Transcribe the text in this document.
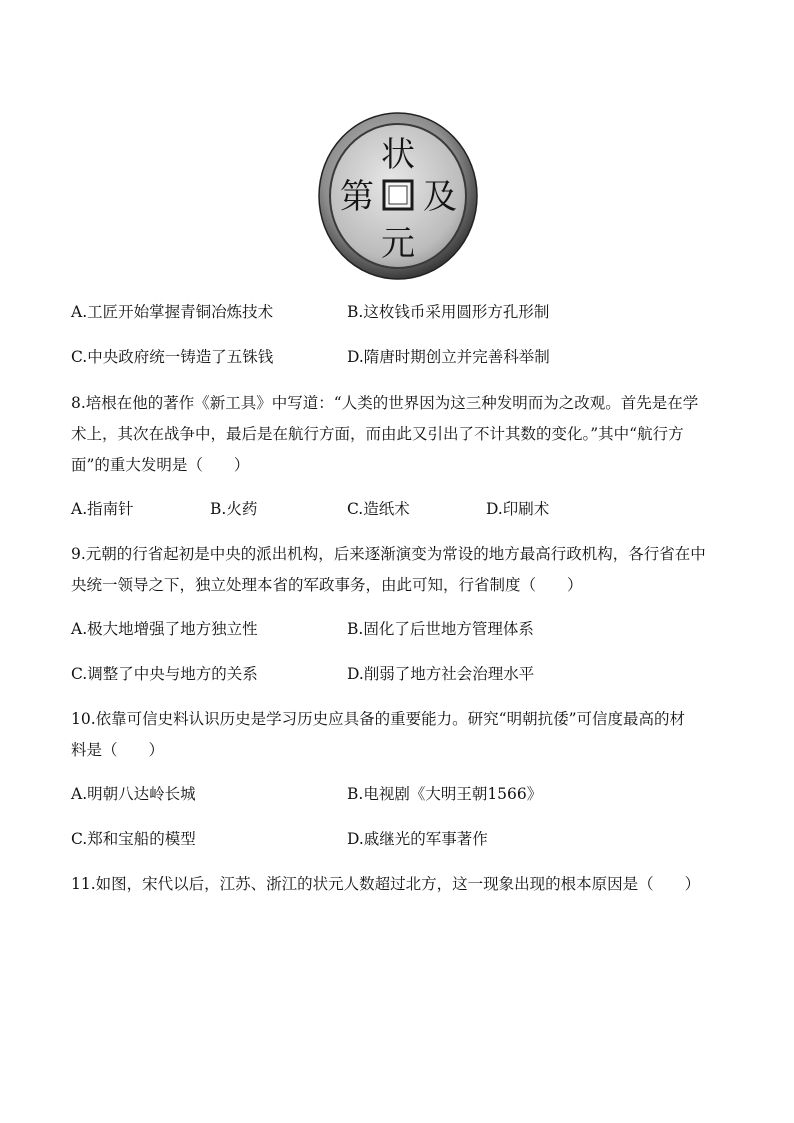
状
元
及
第
A.工匠开始掌握青铜冶炼技术	B.这枚钱币采用圆形方孔形制
C.中央政府统一铸造了五铢钱	D.隋唐时期创立并完善科举制
8.培根在他的著作《新工具》中写道：“人类的世界因为这三种发明而为之改观。首先是在学
术上，其次在战争中，最后是在航行方面，而由此又引出了不计其数的变化。”其中“航行方
面”的重大发明是（　　）
A.指南针	B.火药	C.造纸术	D.印刷术
9.元朝的行省起初是中央的派出机构，后来逐渐演变为常设的地方最高行政机构，各行省在中
央统一领导之下，独立处理本省的军政事务，由此可知，行省制度（　　）
A.极大地增强了地方独立性	B.固化了后世地方管理体系
C.调整了中央与地方的关系	D.削弱了地方社会治理水平
10.依靠可信史料认识历史是学习历史应具备的重要能力。研究“明朝抗倭”可信度最高的材
料是（　　）
A.明朝八达岭长城	B.电视剧《大明王朝1566》
C.郑和宝船的模型	D.戚继光的军事著作
11.如图，宋代以后，江苏、浙江的状元人数超过北方，这一现象出现的根本原因是（　　）
